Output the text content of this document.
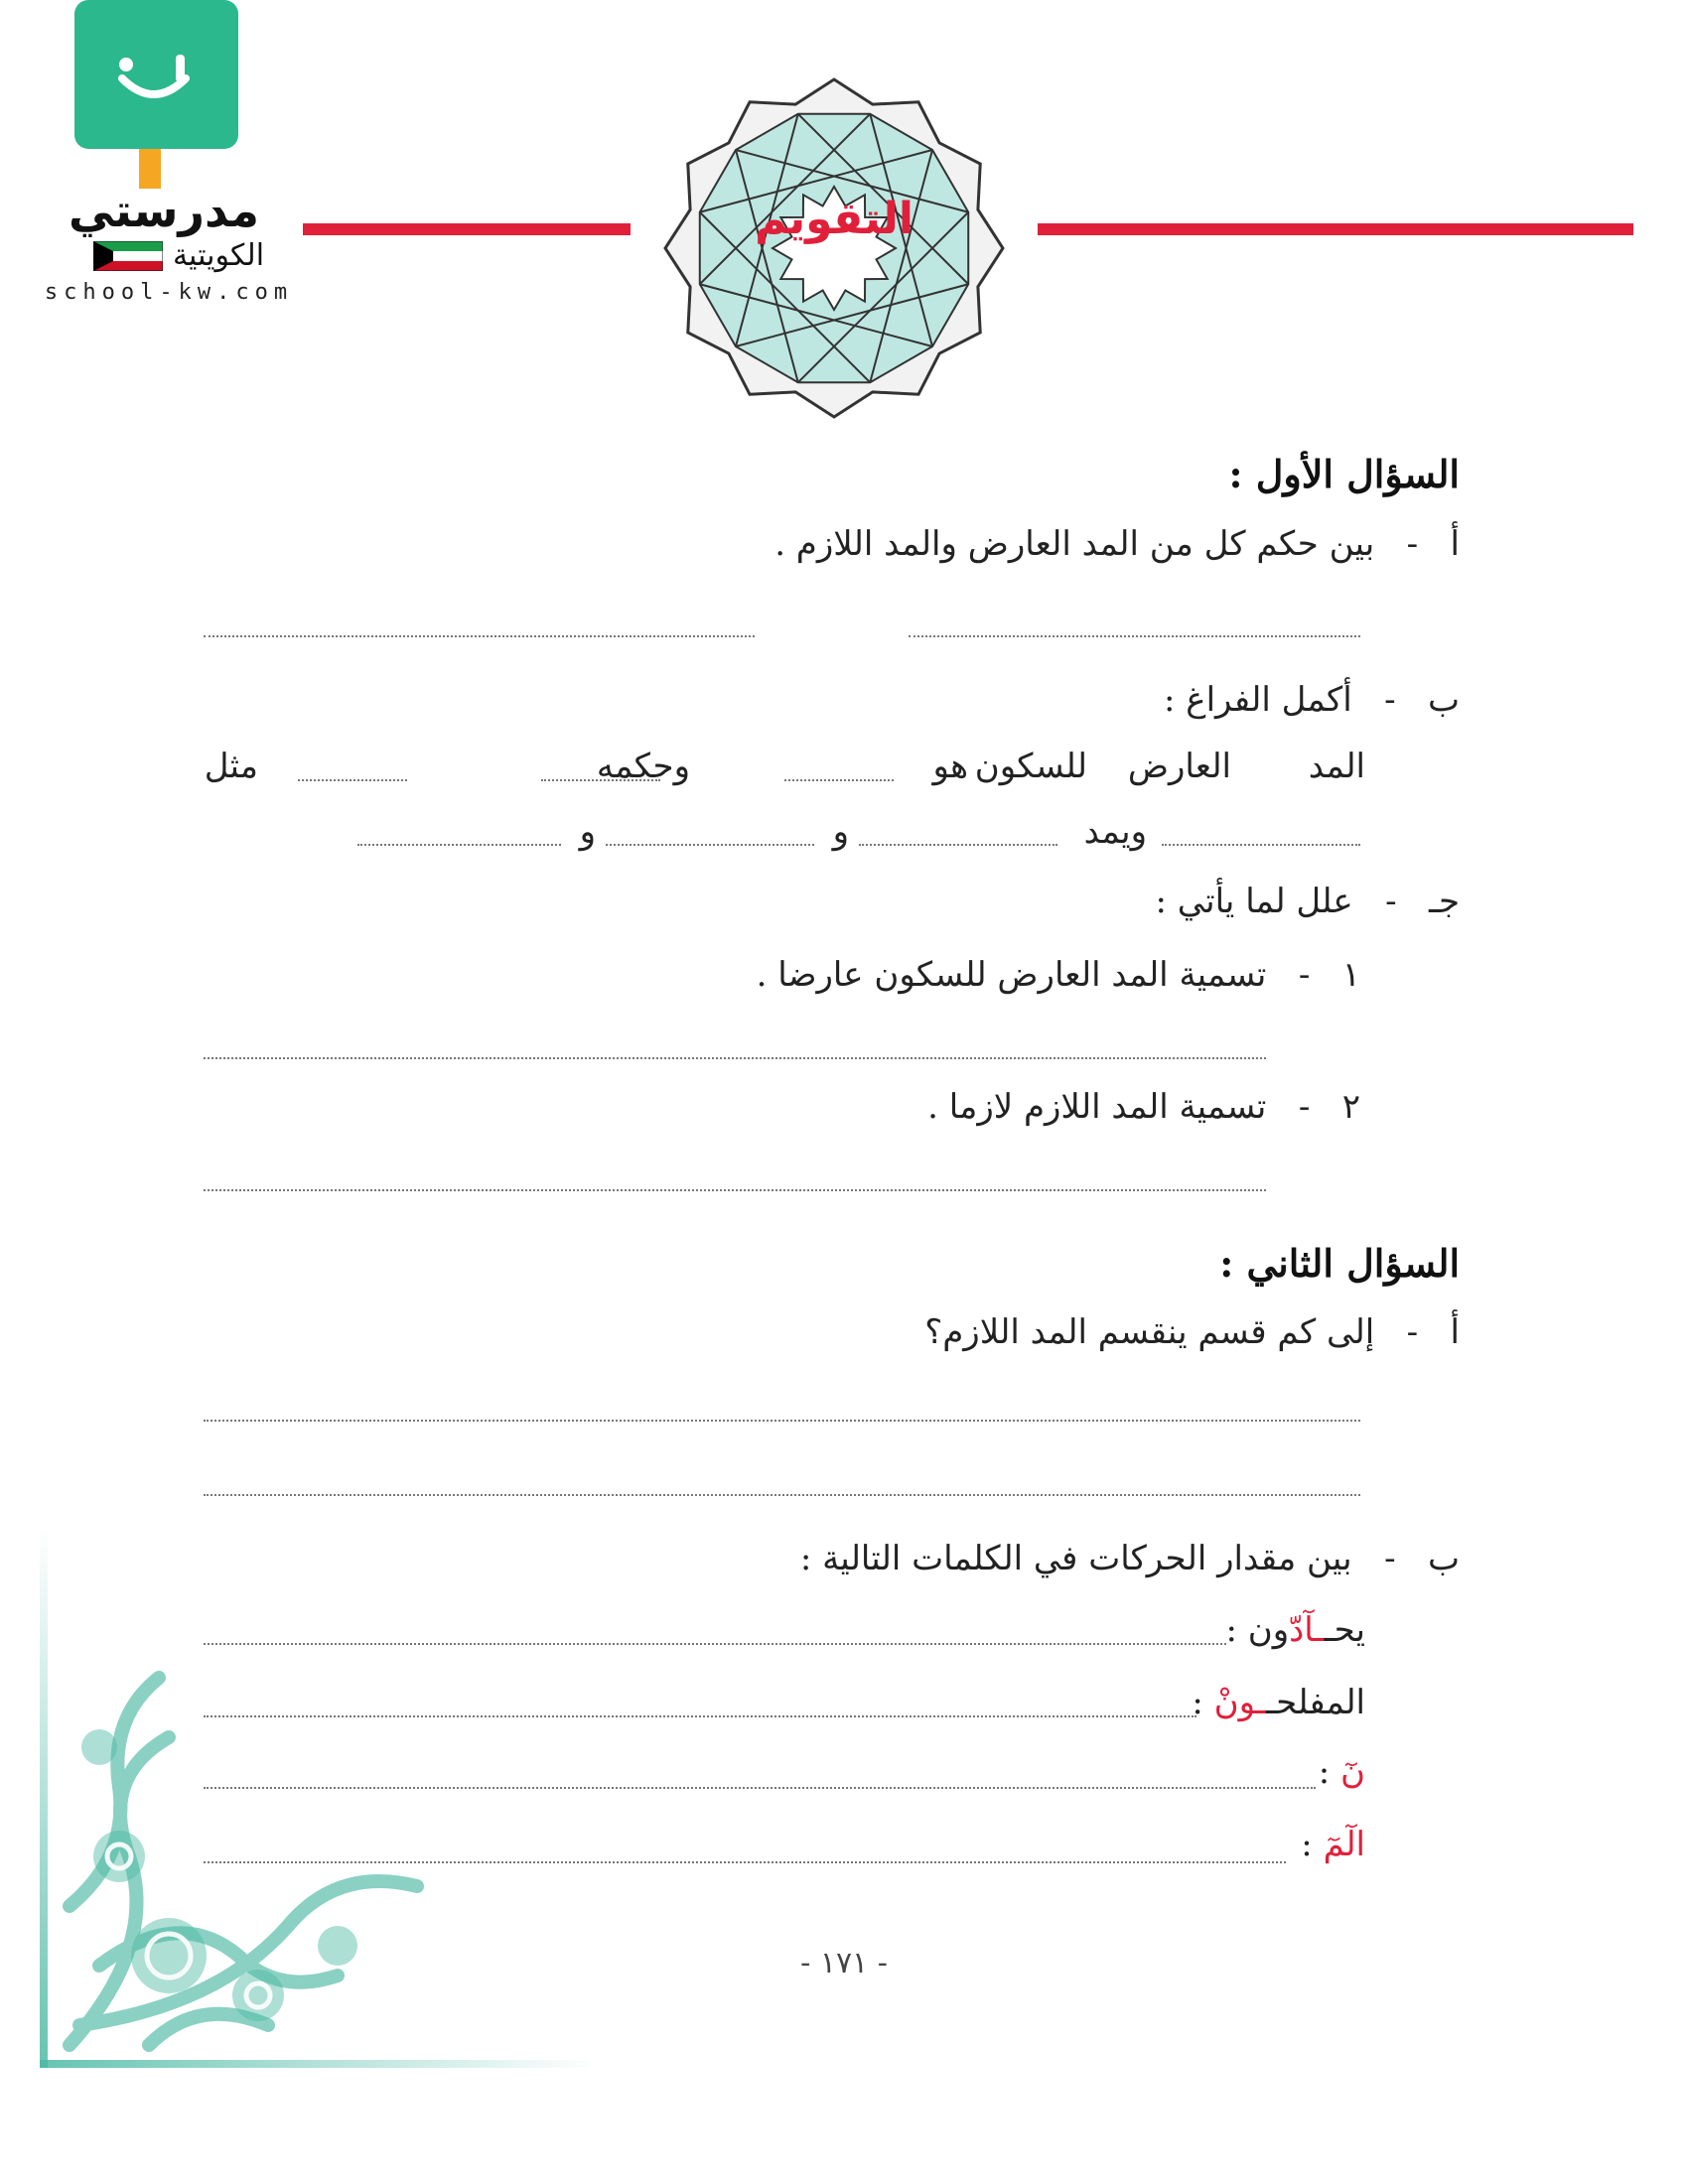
مدرستي
الكويتية
school-kw.com
التقويم
السؤال الأول :
أ   -   بين حكم كل من المد العارض والمد اللازم .
ب   -   أكمل الفراغ :
المد
العارض
للسكون
هو
وحكمه
مثل
ويمد
و
و
جـ   -   علل لما يأتي :
١   -   تسمية المد العارض للسكون عارضا .
٢   -   تسمية المد اللازم لازما .
السؤال الثاني :
أ   -   إلى كم قسم ينقسم المد اللازم؟
ب   -   بين مقدار الحركات في الكلمات التالية :
يحــآدّون :
المفلحــونْ :
نٓ :
الٓمٓ :
- ١٧١ -
